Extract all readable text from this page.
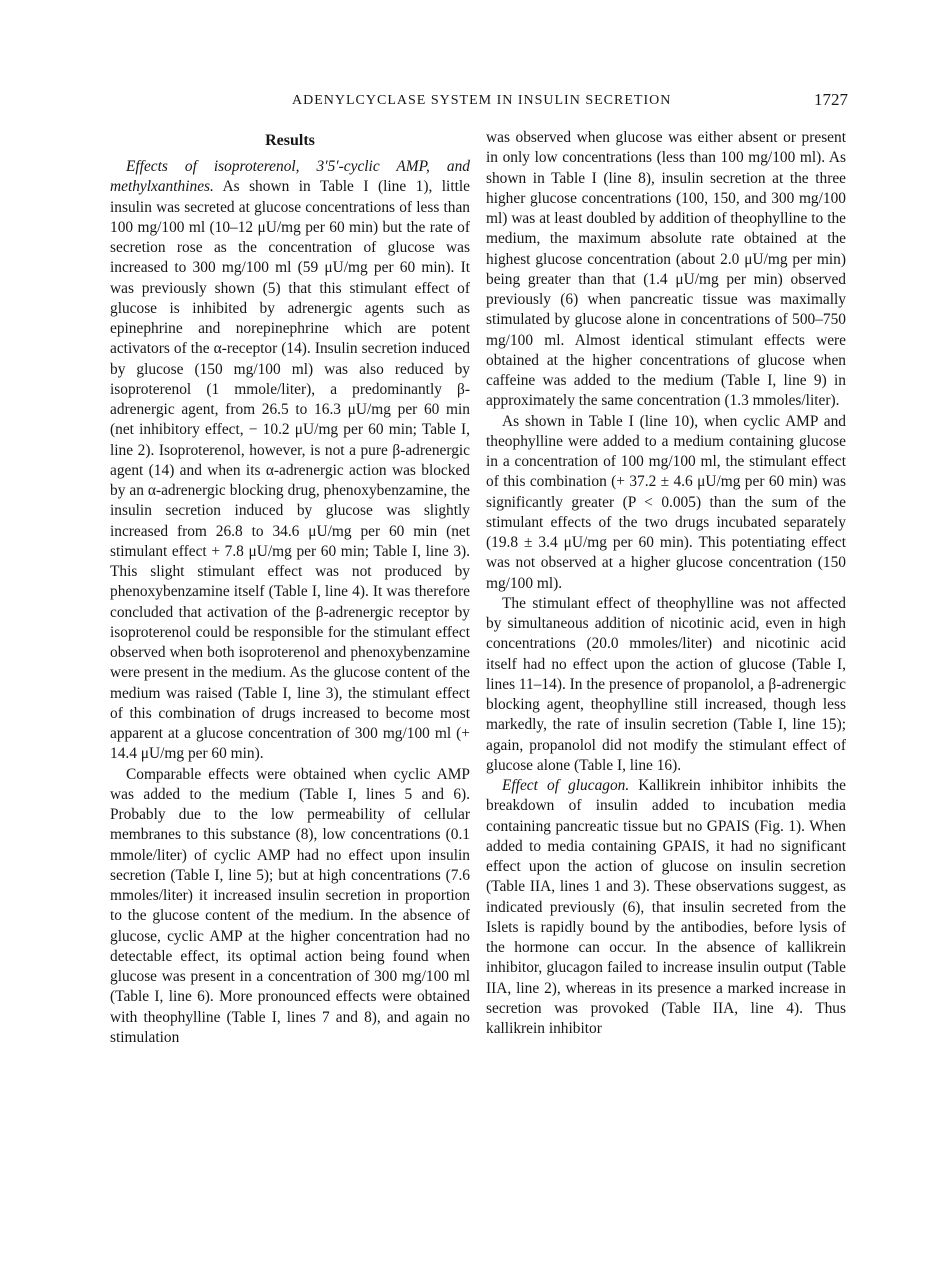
ADENYLCYCLASE SYSTEM IN INSULIN SECRETION	1727
Results

Effects of isoproterenol, 3′5′-cyclic AMP, and methylxanthines. As shown in Table I (line 1), little insulin was secreted at glucose concentrations of less than 100 mg/100 ml (10–12 μU/mg per 60 min) but the rate of secretion rose as the concentration of glucose was increased to 300 mg/100 ml (59 μU/mg per 60 min). It was previously shown (5) that this stimulant effect of glucose is inhibited by adrenergic agents such as epinephrine and norepinephrine which are potent activators of the α-receptor (14). Insulin secretion induced by glucose (150 mg/100 ml) was also reduced by isoproterenol (1 mmole/liter), a predominantly β-adrenergic agent, from 26.5 to 16.3 μU/mg per 60 min (net inhibitory effect, − 10.2 μU/mg per 60 min; Table I, line 2). Isoproterenol, however, is not a pure β-adrenergic agent (14) and when its α-adrenergic action was blocked by an α-adrenergic blocking drug, phenoxybenzamine, the insulin secretion induced by glucose was slightly increased from 26.8 to 34.6 μU/mg per 60 min (net stimulant effect + 7.8 μU/mg per 60 min; Table I, line 3). This slight stimulant effect was not produced by phenoxybenzamine itself (Table I, line 4). It was therefore concluded that activation of the β-adrenergic receptor by isoproterenol could be responsible for the stimulant effect observed when both isoproterenol and phenoxybenzamine were present in the medium. As the glucose content of the medium was raised (Table I, line 3), the stimulant effect of this combination of drugs increased to become most apparent at a glucose concentration of 300 mg/100 ml (+ 14.4 μU/mg per 60 min).

Comparable effects were obtained when cyclic AMP was added to the medium (Table I, lines 5 and 6). Probably due to the low permeability of cellular membranes to this substance (8), low concentrations (0.1 mmole/liter) of cyclic AMP had no effect upon insulin secretion (Table I, line 5); but at high concentrations (7.6 mmoles/liter) it increased insulin secretion in proportion to the glucose content of the medium. In the absence of glucose, cyclic AMP at the higher concentration had no detectable effect, its optimal action being found when glucose was present in a concentration of 300 mg/100 ml (Table I, line 6). More pronounced effects were obtained with theophylline (Table I, lines 7 and 8), and again no stimulation

was observed when glucose was either absent or present in only low concentrations (less than 100 mg/100 ml). As shown in Table I (line 8), insulin secretion at the three higher glucose concentrations (100, 150, and 300 mg/100 ml) was at least doubled by addition of theophylline to the medium, the maximum absolute rate obtained at the highest glucose concentration (about 2.0 μU/mg per min) being greater than that (1.4 μU/mg per min) observed previously (6) when pancreatic tissue was maximally stimulated by glucose alone in concentrations of 500–750 mg/100 ml. Almost identical stimulant effects were obtained at the higher concentrations of glucose when caffeine was added to the medium (Table I, line 9) in approximately the same concentration (1.3 mmoles/liter).

As shown in Table I (line 10), when cyclic AMP and theophylline were added to a medium containing glucose in a concentration of 100 mg/100 ml, the stimulant effect of this combination (+ 37.2 ± 4.6 μU/mg per 60 min) was significantly greater (P < 0.005) than the sum of the stimulant effects of the two drugs incubated separately (19.8 ± 3.4 μU/mg per 60 min). This potentiating effect was not observed at a higher glucose concentration (150 mg/100 ml).

The stimulant effect of theophylline was not affected by simultaneous addition of nicotinic acid, even in high concentrations (20.0 mmoles/liter) and nicotinic acid itself had no effect upon the action of glucose (Table I, lines 11–14). In the presence of propanolol, a β-adrenergic blocking agent, theophylline still increased, though less markedly, the rate of insulin secretion (Table I, line 15); again, propanolol did not modify the stimulant effect of glucose alone (Table I, line 16).

Effect of glucagon. Kallikrein inhibitor inhibits the breakdown of insulin added to incubation media containing pancreatic tissue but no GPAIS (Fig. 1). When added to media containing GPAIS, it had no significant effect upon the action of glucose on insulin secretion (Table IIA, lines 1 and 3). These observations suggest, as indicated previously (6), that insulin secreted from the Islets is rapidly bound by the antibodies, before lysis of the hormone can occur. In the absence of kallikrein inhibitor, glucagon failed to increase insulin output (Table IIA, line 2), whereas in its presence a marked increase in secretion was provoked (Table IIA, line 4). Thus kallikrein inhibitor
